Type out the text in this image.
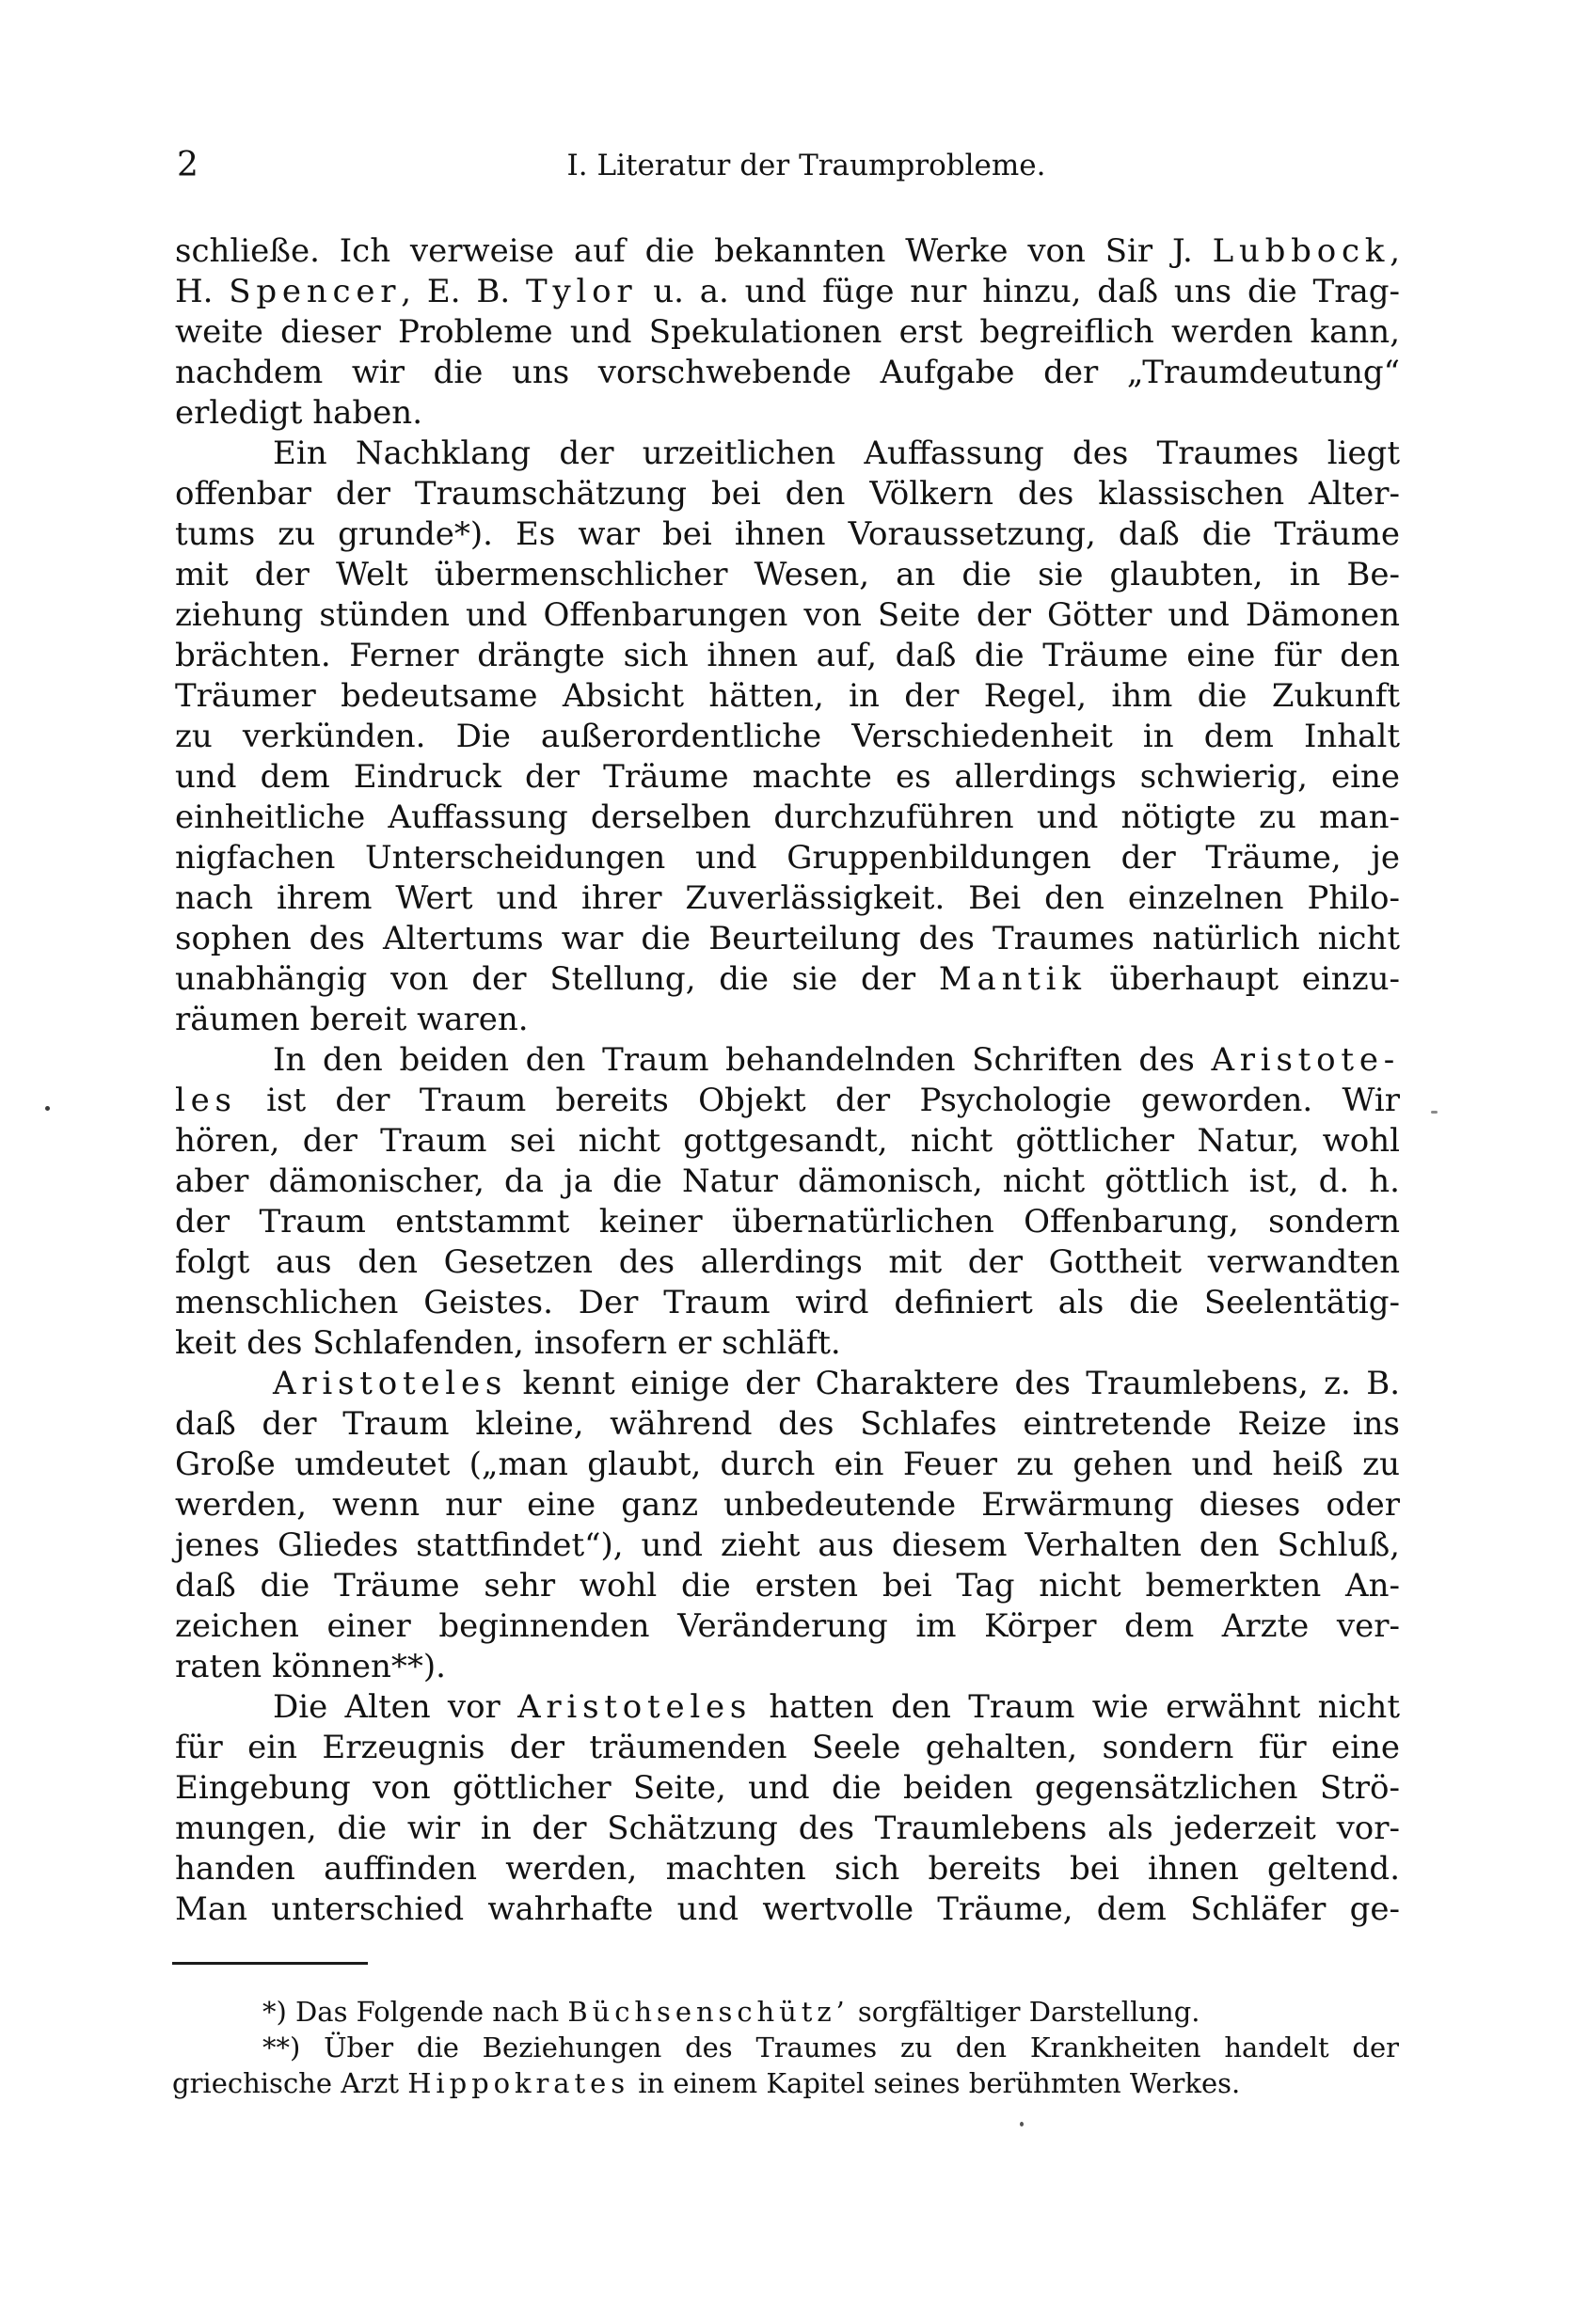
2	I. Literatur der Traumprobleme.
schließe. Ich verweise auf die bekannten Werke von Sir J. Lubbock,
H. Spencer, E. B. Tylor u. a. und füge nur hinzu, daß uns die Trag-
weite dieser Probleme und Spekulationen erst begreiflich werden kann,
nachdem wir die uns vorschwebende Aufgabe der „Traumdeutung“
erledigt haben.
Ein Nachklang der urzeitlichen Auffassung des Traumes liegt
offenbar der Traumschätzung bei den Völkern des klassischen Alter-
tums zu grunde*). Es war bei ihnen Voraussetzung, daß die Träume
mit der Welt übermenschlicher Wesen, an die sie glaubten, in Be-
ziehung stünden und Offenbarungen von Seite der Götter und Dämonen
brächten. Ferner drängte sich ihnen auf, daß die Träume eine für den
Träumer bedeutsame Absicht hätten, in der Regel, ihm die Zukunft
zu verkünden. Die außerordentliche Verschiedenheit in dem Inhalt
und dem Eindruck der Träume machte es allerdings schwierig, eine
einheitliche Auffassung derselben durchzuführen und nötigte zu man-
nigfachen Unterscheidungen und Gruppenbildungen der Träume, je
nach ihrem Wert und ihrer Zuverlässigkeit. Bei den einzelnen Philo-
sophen des Altertums war die Beurteilung des Traumes natürlich nicht
unabhängig von der Stellung, die sie der Mantik überhaupt einzu-
räumen bereit waren.
In den beiden den Traum behandelnden Schriften des Aristote-
les ist der Traum bereits Objekt der Psychologie geworden. Wir
hören, der Traum sei nicht gottgesandt, nicht göttlicher Natur, wohl
aber dämonischer, da ja die Natur dämonisch, nicht göttlich ist, d. h.
der Traum entstammt keiner übernatürlichen Offenbarung, sondern
folgt aus den Gesetzen des allerdings mit der Gottheit verwandten
menschlichen Geistes. Der Traum wird definiert als die Seelentätig-
keit des Schlafenden, insofern er schläft.
Aristoteles kennt einige der Charaktere des Traumlebens, z. B.
daß der Traum kleine, während des Schlafes eintretende Reize ins
Große umdeutet („man glaubt, durch ein Feuer zu gehen und heiß zu
werden, wenn nur eine ganz unbedeutende Erwärmung dieses oder
jenes Gliedes stattfindet“), und zieht aus diesem Verhalten den Schluß,
daß die Träume sehr wohl die ersten bei Tag nicht bemerkten An-
zeichen einer beginnenden Veränderung im Körper dem Arzte ver-
raten können**).
Die Alten vor Aristoteles hatten den Traum wie erwähnt nicht
für ein Erzeugnis der träumenden Seele gehalten, sondern für eine
Eingebung von göttlicher Seite, und die beiden gegensätzlichen Strö-
mungen, die wir in der Schätzung des Traumlebens als jederzeit vor-
handen auffinden werden, machten sich bereits bei ihnen geltend.
Man unterschied wahrhafte und wertvolle Träume, dem Schläfer ge-
*) Das Folgende nach Büchsenschütz’ sorgfältiger Darstellung.
**) Über die Beziehungen des Traumes zu den Krankheiten handelt der
griechische Arzt Hippokrates in einem Kapitel seines berühmten Werkes.
